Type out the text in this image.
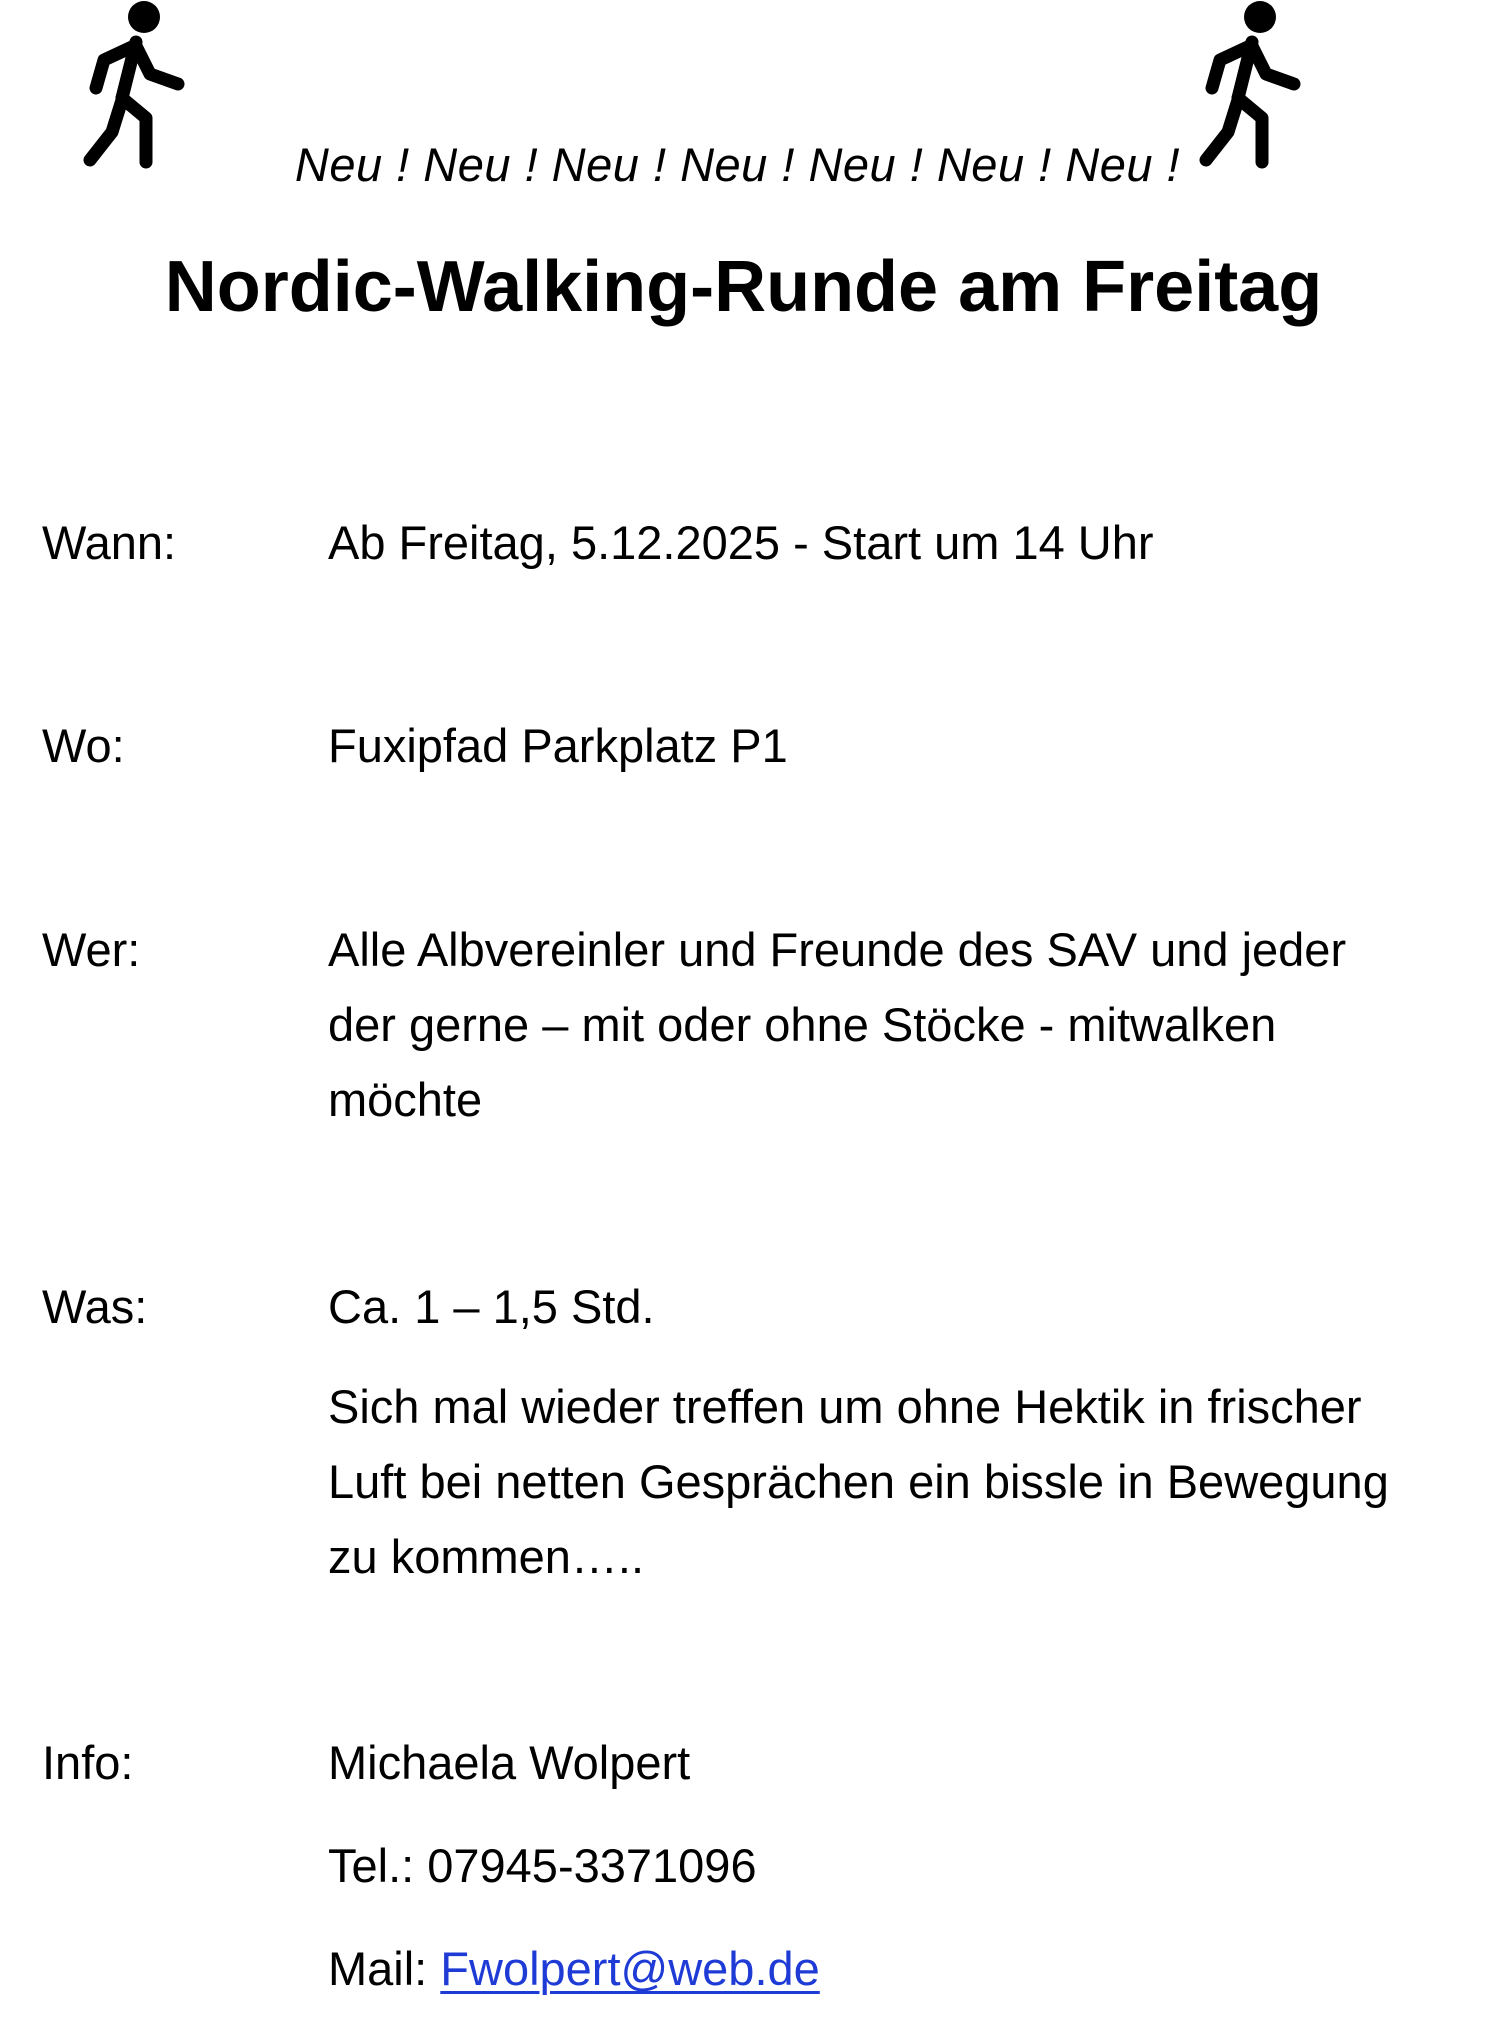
Neu ! Neu ! Neu ! Neu ! Neu ! Neu ! Neu !
Nordic-Walking-Runde am Freitag
Wann:	Ab Freitag, 5.12.2025 - Start um 14 Uhr
Wo:	Fuxipfad Parkplatz P1
Wer:	Alle Albvereinler und Freunde des SAV und jeder
der gerne – mit oder ohne Stöcke - mitwalken
möchte
Was:	Ca. 1 – 1,5 Std.
Sich mal wieder treffen um ohne Hektik in frischer
Luft bei netten Gesprächen ein bissle in Bewegung
zu kommen…..
Info:	Michaela Wolpert
Tel.: 07945-3371096
Mail: Fwolpert@web.de
